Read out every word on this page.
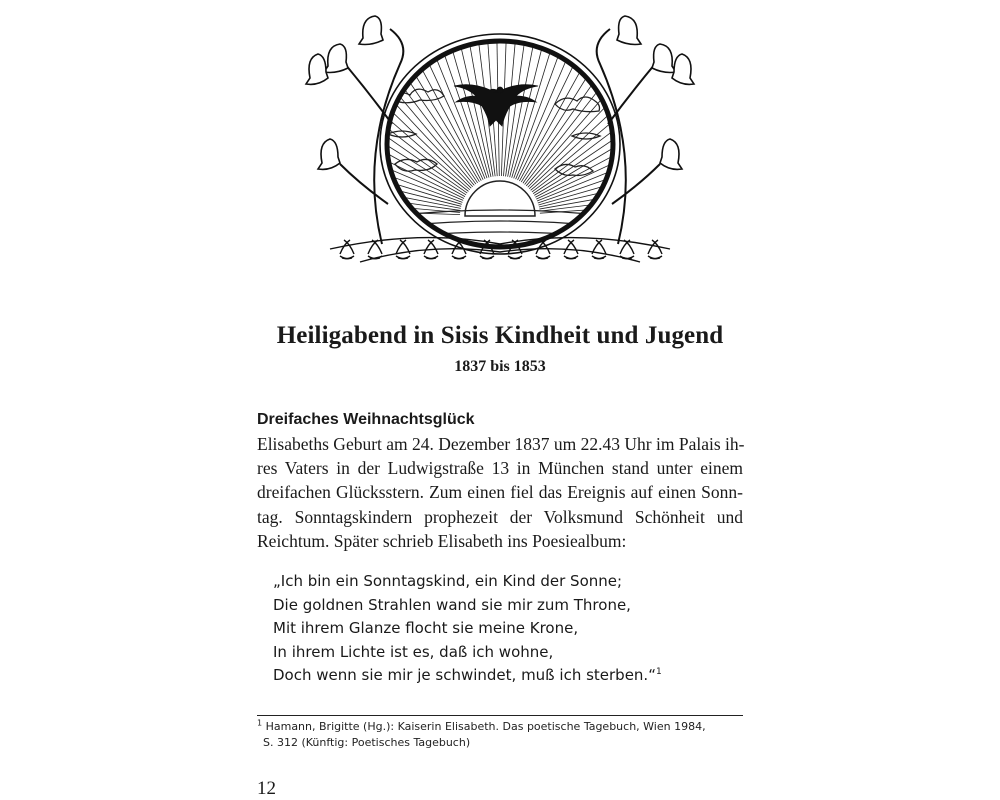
Heiligabend in Sisis Kindheit und Jugend
1837 bis 1853
Dreifaches Weihnachtsglück
Elisabeths Geburt am 24. Dezember 1837 um 22.43 Uhr im Palais ih-
res Vaters in der Ludwigstraße 13 in München stand unter einem
dreifachen Glücksstern. Zum einen fiel das Ereignis auf einen Sonn-
tag. Sonntagskindern prophezeit der Volksmund Schönheit und
Reichtum. Später schrieb Elisabeth ins Poesiealbum:
„Ich bin ein Sonntagskind, ein Kind der Sonne;
Die goldnen Strahlen wand sie mir zum Throne,
Mit ihrem Glanze flocht sie meine Krone,
In ihrem Lichte ist es, daß ich wohne,
Doch wenn sie mir je schwindet, muß ich sterben.“$^1$
$^1$ Hamann, Brigitte (Hg.): Kaiserin Elisabeth. Das poetische Tagebuch, Wien 1984,
S. 312 (Künftig: Poetisches Tagebuch)
12
